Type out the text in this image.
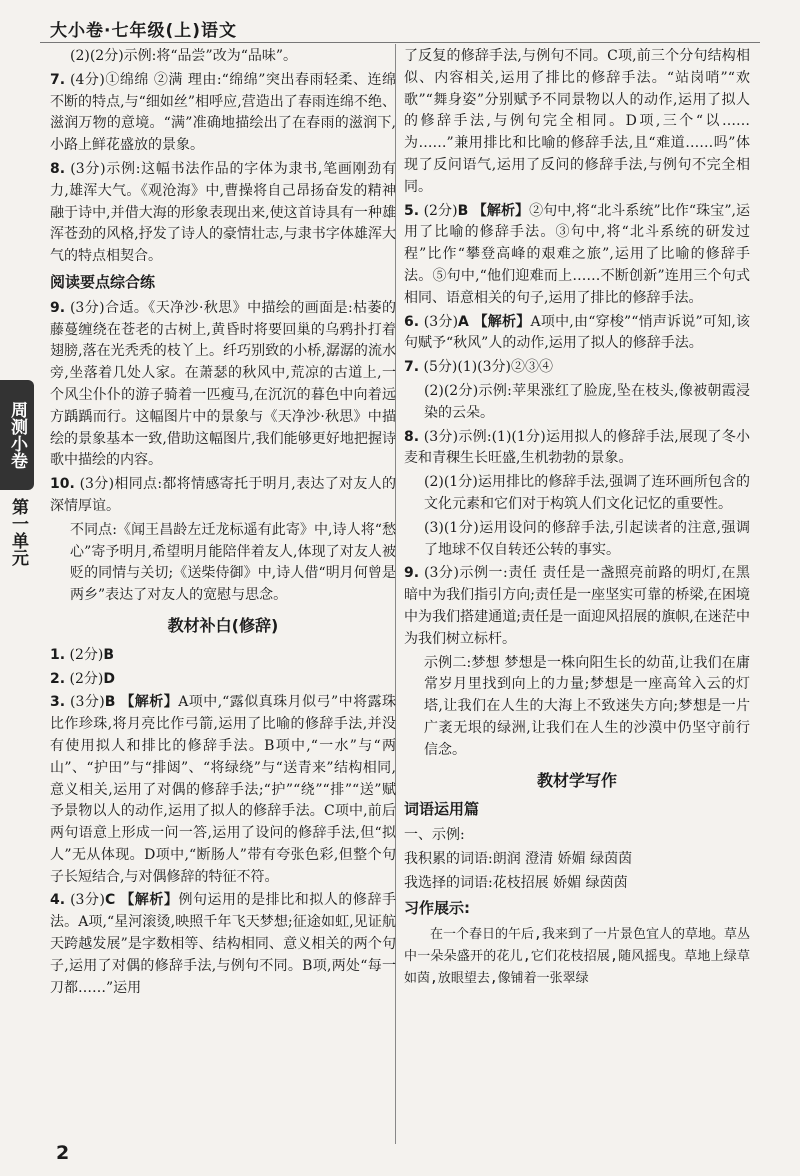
大小卷·七年级(上)语文
周测小卷
第一单元

(2)(2分)示例:将“品尝”改为“品味”。

7. (4分)①绵绵 ②满 理由:“绵绵”突出春雨轻柔、连绵不断的特点,与“细如丝”相呼应,营造出了春雨连绵不绝、滋润万物的意境。“满”准确地描绘出了在春雨的滋润下,小路上鲜花盛放的景象。

8. (3分)示例:这幅书法作品的字体为隶书,笔画刚劲有力,雄浑大气。《观沧海》中,曹操将自己昂扬奋发的精神融于诗中,并借大海的形象表现出来,使这首诗具有一种雄浑苍劲的风格,抒发了诗人的豪情壮志,与隶书字体雄浑大气的特点相契合。

阅读要点综合练

9. (3分)合适。《天净沙·秋思》中描绘的画面是:枯萎的藤蔓缠绕在苍老的古树上,黄昏时将要回巢的乌鸦扑打着翅膀,落在光秃秃的枝丫上。纤巧别致的小桥,潺潺的流水旁,坐落着几处人家。在萧瑟的秋风中,荒凉的古道上,一个风尘仆仆的游子骑着一匹瘦马,在沉沉的暮色中向着远方踽踽而行。这幅图片中的景象与《天净沙·秋思》中描绘的景象基本一致,借助这幅图片,我们能够更好地把握诗歌中描绘的内容。

10. (3分)相同点:都将情感寄托于明月,表达了对友人的深情厚谊。

不同点:《闻王昌龄左迁龙标遥有此寄》中,诗人将“愁心”寄予明月,希望明月能陪伴着友人,体现了对友人被贬的同情与关切;《送柴侍御》中,诗人借“明月何曾是两乡”表达了对友人的宽慰与思念。

教材补白(修辞)

1. (2分)B

2. (2分)D

3. (3分)B 【解析】A项中,“露似真珠月似弓”中将露珠比作珍珠,将月亮比作弓箭,运用了比喻的修辞手法,并没有使用拟人和排比的修辞手法。B项中,“一水”与“两山”、“护田”与“排闼”、“将绿绕”与“送青来”结构相同,意义相关,运用了对偶的修辞手法;“护”“绕”“排”“送”赋予景物以人的动作,运用了拟人的修辞手法。C项中,前后两句语意上形成一问一答,运用了设问的修辞手法,但“拟人”无从体现。D项中,“断肠人”带有夸张色彩,但整个句子长短结合,与对偶修辞的特征不符。

4. (3分)C 【解析】例句运用的是排比和拟人的修辞手法。A项,“星河滚烫,映照千年飞天梦想;征途如虹,见证航天跨越发展”是字数相等、结构相同、意义相关的两个句子,运用了对偶的修辞手法,与例句不同。B项,两处“每一刀都……”运用

了反复的修辞手法,与例句不同。C项,前三个分句结构相似、内容相关,运用了排比的修辞手法。“站岗哨”“欢歌”“舞身姿”分别赋予不同景物以人的动作,运用了拟人的修辞手法,与例句完全相同。D项,三个“以……为……”兼用排比和比喻的修辞手法,且“难道……吗”体现了反问语气,运用了反问的修辞手法,与例句不完全相同。

5. (2分)B 【解析】②句中,将“北斗系统”比作“珠宝”,运用了比喻的修辞手法。③句中,将“北斗系统的研发过程”比作“攀登高峰的艰难之旅”,运用了比喻的修辞手法。⑤句中,“他们迎难而上……不断创新”连用三个句式相同、语意相关的句子,运用了排比的修辞手法。

6. (3分)A 【解析】A项中,由“穿梭”“悄声诉说”可知,该句赋予“秋风”人的动作,运用了拟人的修辞手法。

7. (5分)(1)(3分)②③④

(2)(2分)示例:苹果涨红了脸庞,坠在枝头,像被朝霞浸染的云朵。

8. (3分)示例:(1)(1分)运用拟人的修辞手法,展现了冬小麦和青稞生长旺盛,生机勃勃的景象。

(2)(1分)运用排比的修辞手法,强调了连环画所包含的文化元素和它们对于构筑人们文化记忆的重要性。

(3)(1分)运用设问的修辞手法,引起读者的注意,强调了地球不仅自转还公转的事实。

9. (3分)示例一:责任 责任是一盏照亮前路的明灯,在黑暗中为我们指引方向;责任是一座坚实可靠的桥梁,在困境中为我们搭建通道;责任是一面迎风招展的旗帜,在迷茫中为我们树立标杆。

示例二:梦想 梦想是一株向阳生长的幼苗,让我们在庸常岁月里找到向上的力量;梦想是一座高耸入云的灯塔,让我们在人生的大海上不致迷失方向;梦想是一片广袤无垠的绿洲,让我们在人生的沙漠中仍坚守前行信念。

教材学写作
词语运用篇

一、示例:

我积累的词语:朗润 澄清 娇媚 绿茵茵

我选择的词语:花枝招展 娇媚 绿茵茵

习作展示:

在一个春日的午后,我来到了一片景色宜人的草地。草丛中一朵朵盛开的花儿,它们花枝招展,随风摇曳。草地上绿草如茵,放眼望去,像铺着一张翠绿

2
